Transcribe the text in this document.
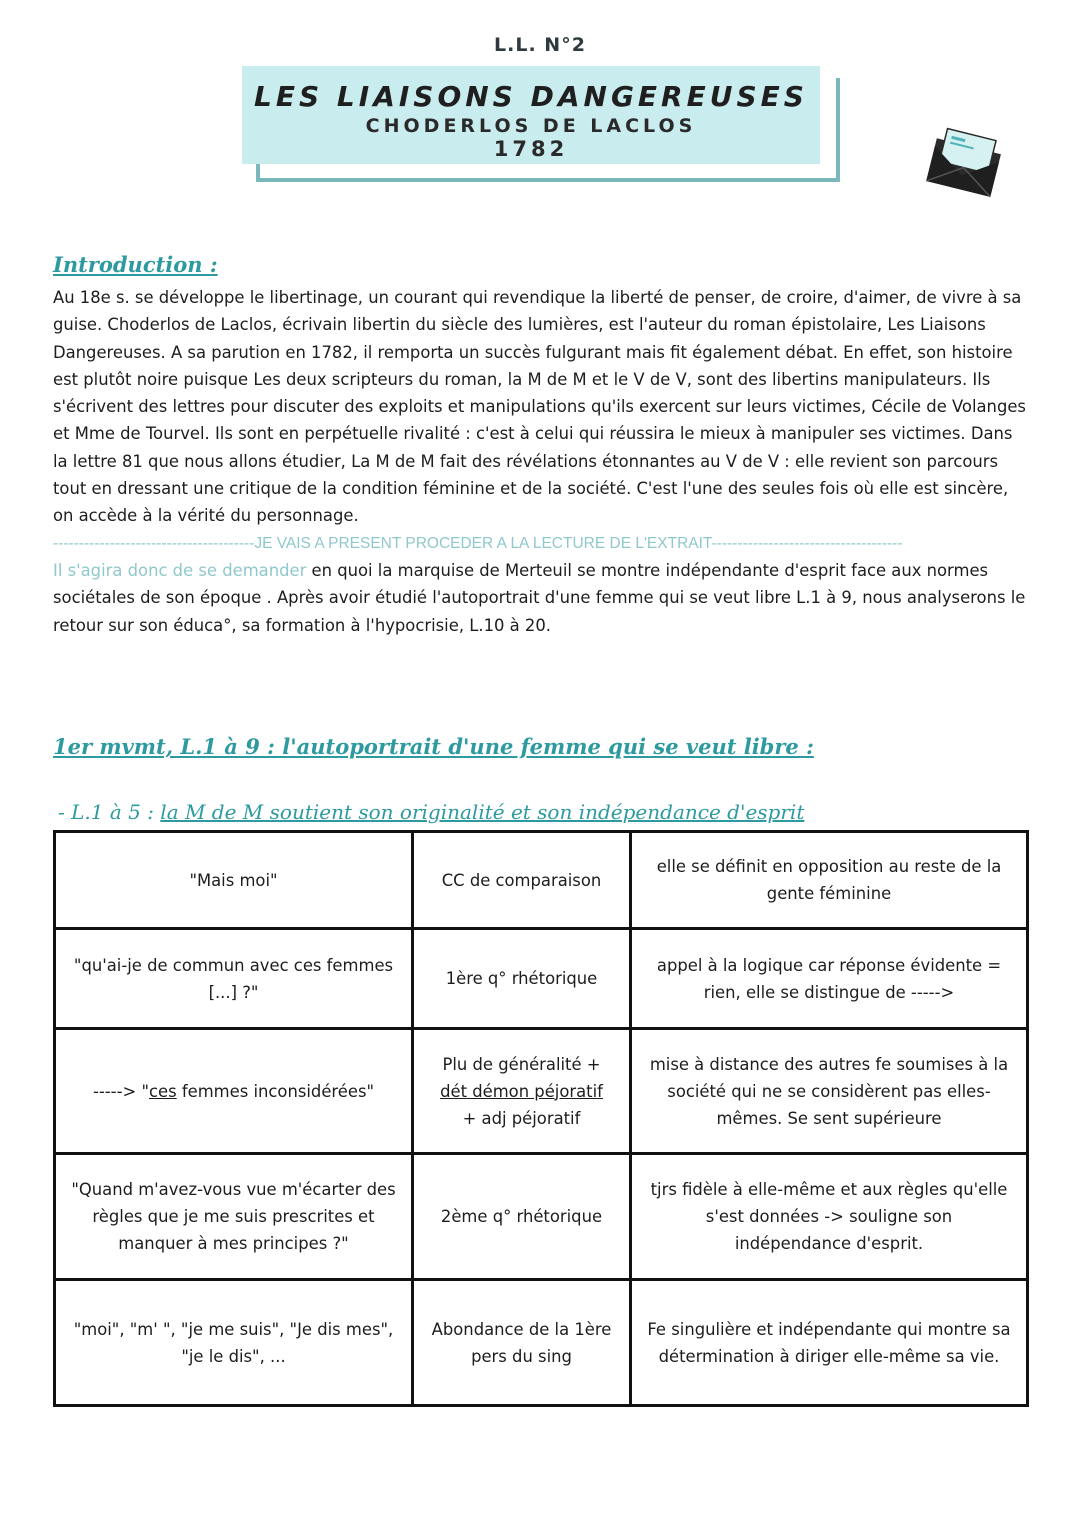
L.L. N°2
LES LIAISONS DANGEREUSES
CHODERLOS DE LACLOS
1782
Introduction :

Au 18e s. se développe le libertinage, un courant qui revendique la liberté de penser, de croire, d'aimer, de vivre à sa guise. Choderlos de Laclos, écrivain libertin du siècle des lumières, est l'auteur du roman épistolaire, Les Liaisons Dangereuses. A sa parution en 1782, il remporta un succès fulgurant mais fit également débat. En effet, son histoire est plutôt noire puisque Les deux scripteurs du roman, la M de M et le V de V, sont des libertins manipulateurs. Ils s'écrivent des lettres pour discuter des exploits et manipulations qu'ils exercent sur leurs victimes, Cécile de Volanges et Mme de Tourvel. Ils sont en perpétuelle rivalité : c'est à celui qui réussira le mieux à manipuler ses victimes. Dans la lettre 81 que nous allons étudier, La M de M fait des révélations étonnantes au V de V : elle revient son parcours tout en dressant une critique de la condition féminine et de la société. C'est l'une des seules fois où elle est sincère, on accède à la vérité du personnage.

---------------------------------------JE VAIS A PRESENT PROCEDER A LA LECTURE DE L'EXTRAIT-------------------------------------

Il s'agira donc de se demander en quoi la marquise de Merteuil se montre indépendante d'esprit face aux normes sociétales de son époque . Après avoir étudié l'autoportrait d'une femme qui se veut libre L.1 à 9, nous analyserons le retour sur son éduca°, sa formation à l'hypocrisie, L.10 à 20.

1er mvmt, L.1 à 9 : l'autoportrait d'une femme qui se veut libre :
- L.1 à 5 : la M de M soutient son originalité et son indépendance d'esprit
"Mais moi"	CC de comparaison	elle se définit en opposition au reste de la gente féminine
"qu'ai-je de commun avec ces femmes [...] ?"	1ère q° rhétorique	appel à la logique car réponse évidente = rien, elle se distingue de ----->
-----> "ces femmes inconsidérées"	Plu de généralité +
dét démon péjoratif
+ adj péjoratif	mise à distance des autres fe soumises à la société qui ne se considèrent pas elles-mêmes. Se sent supérieure
"Quand m'avez-vous vue m'écarter des règles que je me suis prescrites et manquer à mes principes ?"	2ème q° rhétorique	tjrs fidèle à elle-même et aux règles qu'elle s'est données -> souligne son indépendance d'esprit.
"moi", "m' ", "je me suis", "Je dis mes", "je le dis", ...	Abondance de la 1ère pers du sing	Fe singulière et indépendante qui montre sa détermination à diriger elle-même sa vie.
